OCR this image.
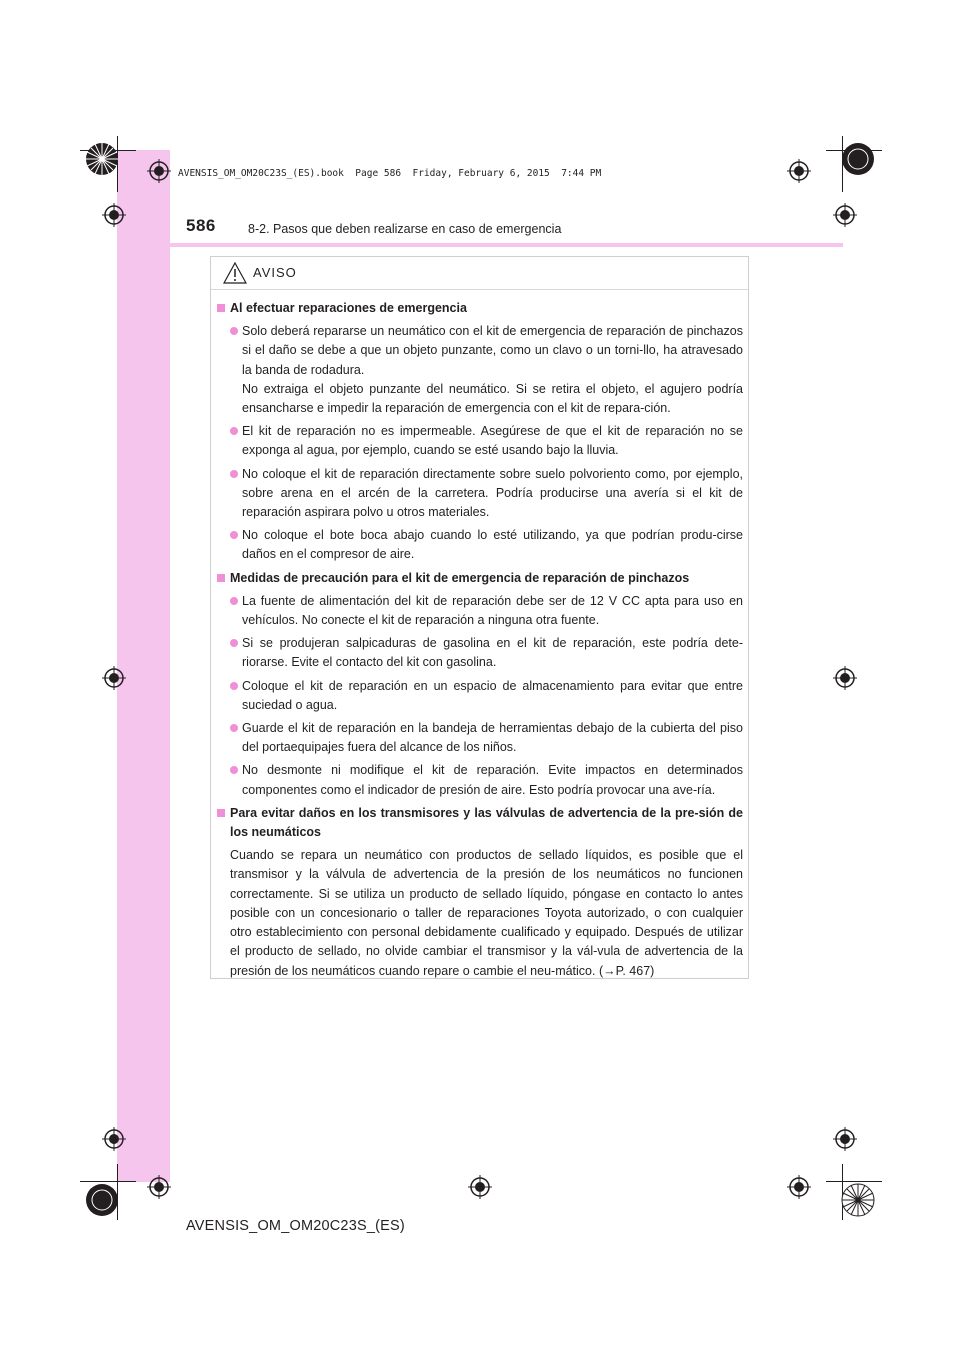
AVENSIS_OM_OM20C23S_(ES).book  Page 586  Friday, February 6, 2015  7:44 PM
586	8-2. Pasos que deben realizarse en caso de emergencia
AVISO
Al efectuar reparaciones de emergencia
Solo deberá repararse un neumático con el kit de emergencia de reparación de pinchazos si el daño se debe a que un objeto punzante, como un clavo o un torni-llo, ha atravesado la banda de rodadura.
No extraiga el objeto punzante del neumático. Si se retira el objeto, el agujero podría ensancharse e impedir la reparación de emergencia con el kit de repara-ción.
El kit de reparación no es impermeable. Asegúrese de que el kit de reparación no se exponga al agua, por ejemplo, cuando se esté usando bajo la lluvia.
No coloque el kit de reparación directamente sobre suelo polvoriento como, por ejemplo, sobre arena en el arcén de la carretera. Podría producirse una avería si el kit de reparación aspirara polvo u otros materiales.
No coloque el bote boca abajo cuando lo esté utilizando, ya que podrían produ-cirse daños en el compresor de aire.
Medidas de precaución para el kit de emergencia de reparación de pinchazos
La fuente de alimentación del kit de reparación debe ser de 12 V CC apta para uso en vehículos. No conecte el kit de reparación a ninguna otra fuente.
Si se produjeran salpicaduras de gasolina en el kit de reparación, este podría dete-riorarse. Evite el contacto del kit con gasolina.
Coloque el kit de reparación en un espacio de almacenamiento para evitar que entre suciedad o agua.
Guarde el kit de reparación en la bandeja de herramientas debajo de la cubierta del piso del portaequipajes fuera del alcance de los niños.
No desmonte ni modifique el kit de reparación. Evite impactos en determinados componentes como el indicador de presión de aire. Esto podría provocar una ave-ría.
Para evitar daños en los transmisores y las válvulas de advertencia de la pre-sión de los neumáticos
Cuando se repara un neumático con productos de sellado líquidos, es posible que el transmisor y la válvula de advertencia de la presión de los neumáticos no funcionen correctamente. Si se utiliza un producto de sellado líquido, póngase en contacto lo antes posible con un concesionario o taller de reparaciones Toyota autorizado, o con cualquier otro establecimiento con personal debidamente cualificado y equipado. Después de utilizar el producto de sellado, no olvide cambiar el transmisor y la vál-vula de advertencia de la presión de los neumáticos cuando repare o cambie el neu-mático. (→P. 467)
AVENSIS_OM_OM20C23S_(ES)
